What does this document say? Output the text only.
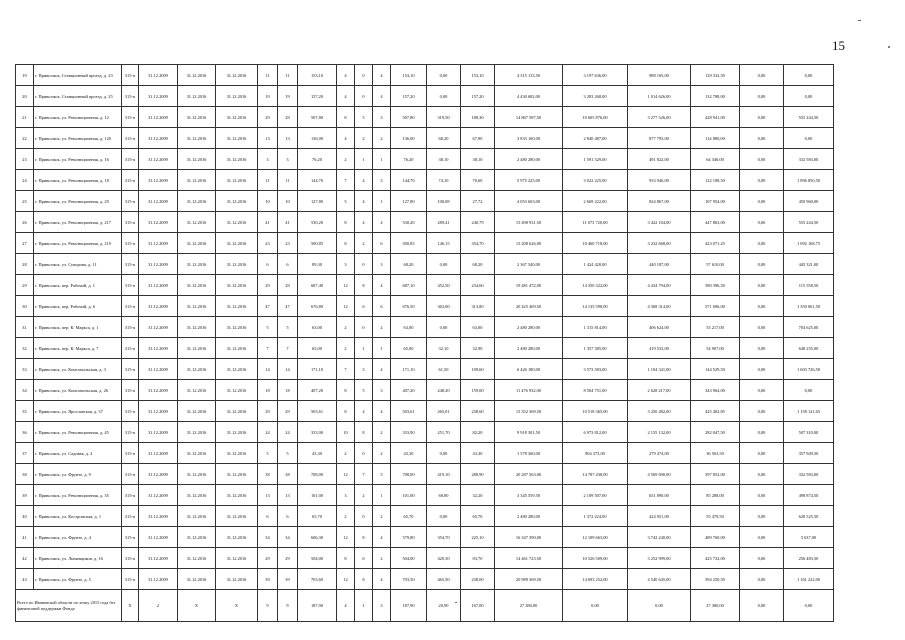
15
19	г. Приволжск, Станционный проезд, д. 23	315-п	31.12.2009	31.12.2016	31.12.2016	11	11	153,10	4	0	4	153,10	0,00	153,10	4 315 133,50	3 197 636,00	988 165,00	129 332,50	0,00	0,00
20	г. Приволжск, Станционный проезд, д. 25	315-п	31.12.2009	31.12.2016	31.12.2016	19	19	157,20	4	0	4	157,20	0,00	157,20	4 430 682,00	3 283 268,00	1 014 626,00	132 788,00	0,00	0,00
21	г. Приволжск, ул. Революционная, д. 12	315-п	31.12.2009	31.12.2016	31.12.2016	29	29	507,80	8	5	3	507,80	319,50	188,30	14 867 587,50	10 605 876,00	3 277 526,00	428 941,00	0,00	555 244,50
22	г. Приволжск, ул. Революционная, д. 120	315-п	31.12.2009	31.12.2016	31.12.2016	13	13	136,00	4	2	2	136,00	68,20	67,80	3 833 160,00	2 840 487,00	877 793,00	114 880,00	0,00	0,00
23	г. Приволжск, ул. Революционная, д. 16	315-п	31.12.2009	31.12.2016	31.12.2016	3	3	76,20	2	1	1	76,20	38,10	38,10	2 480 280,00	1 591 529,00	491 822,00	64 346,00	0,00	332 583,00
24	г. Приволжск, ул. Революционная, д. 18	315-п	31.12.2009	31.12.2016	31.12.2016	11	11	144,70	7	4	3	144,70	74,10	70,60	5 975 225,00	3 022 225,00	933 946,00	122 188,50	0,00	1 896 850,50
25	г. Приволжск, ул. Революционная, д. 29	315-п	31.12.2009	31.12.2016	31.12.2016	10	10	127,80	5	4	1	127,80	100,08	27,72	4 053 603,00	2 669 222,00	824 867,00	107 954,00	0,00	450 960,00
26	г. Приволжск, ул. Революционная, д. 217	315-п	31.12.2009	31.12.2016	31.12.2016	41	41	530,20	8	4	4	530,20	289,41	240,79	15 498 931,50	11 073 720,00	3 422 104,00	447 863,00	0,00	555 244,50
27	г. Приволжск, ул. Революционная, д. 219	315-п	31.12.2009	31.12.2016	31.12.2016	23	23	500,85	8	2	6	500,85	146,15	354,70	15 208 626,00	10 460 718,00	3 232 668,00	423 071,25	0,00	1 092 168,75
28	г. Приволжск, ул. Суворова, д. 11	315-п	31.12.2009	31.12.2016	31.12.2016	6	6	89,30	3	0	3	68,20	0,00	68,20	2 367 540,00	1 424 420,00	440 187,00	57 610,00	0,00	445 321,00
29	г. Приволжск, пер. Рабочий, д. 1	315-п	31.12.2009	31.12.2016	31.12.2016	29	29	687,40	12	8	4	687,10	452,50	234,60	19 481 472,00	14 350 322,00	4 434 794,00	580 396,50	0,00	115 558,50
30	г. Приволжск, пер. Рабочий, д. 6	315-п	31.12.2009	31.12.2016	31.12.2016	47	47	676,80	12	6	6	676,50	363,00	313,80	20 425 469,50	14 135 598,00	4 368 314,00	571 696,00	0,00	1 350 061,50
31	г. Приволжск, пер. К. Маркса, д. 1	315-п	31.12.2009	31.12.2016	31.12.2016	5	5	63,00	2	0	2	63,00	0,00	63,00	2 480 280,00	1 315 814,00	406 624,00	53 217,00	0,00	704 625,00
32	г. Приволжск, пер. К. Маркса, д. 7	315-п	31.12.2009	31.12.2016	31.12.2016	7	7	65,00	2	1	1	65,00	32,10	32,90	2 480 280,00	1 357 585,00	419 533,00	54 907,00	0,00	648 255,00
33	г. Приволжск, ул. Комсомольская, д. 3	315-п	31.12.2009	31.12.2016	31.12.2016	14	14	171,10	7	3	4	171,10	61,50	109,60	6 426 180,00	3 573 583,00	1 104 341,00	144 529,50	0,00	1 603 726,50
34	г. Приволжск, ул. Комсомольская, д. 26	315-п	31.12.2009	31.12.2016	31.12.2016	18	18	407,20	8	5	3	407,20	248,20	159,00	11 476 932,00	8 504 751,00	2 628 217,00	343 964,00	0,00	0,00
35	г. Приволжск, ул. Ярославская, д. 37	315-п	31.12.2009	31.12.2016	31.12.2016	29	29	503,61	8	4	4	503,61	265,01	238,60	15 352 369,50	10 518 365,00	3 250 482,00	425 402,85	0,00	1 158 121,65
36	г. Приволжск, ул. Революционная, д. 45	315-п	31.12.2009	31.12.2016	31.12.2016	24	24	333,90	10	8	2	333,90	251,70	82,20	9 918 301,50	6 973 812,00	2 155 132,00	282 047,50	0,00	507 310,00
37	г. Приволжск, ул. Садовая, д. 2	315-п	31.12.2009	31.12.2016	31.12.2016	5	5	43,30	2	0	2	43,30	0,00	43,30	1 578 360,00	904 373,00	279 474,00	36 563,50	0,00	357 949,50
38	г. Приволжск, ул. Фрунзе, д. 9	315-п	31.12.2009	31.12.2016	31.12.2016	38	38	708,00	12	7	5	708,00	419,10	288,90	20 287 563,00	14 787 438,00	4 569 690,00	597 852,00	0,00	332 583,00
39	г. Приволжск, ул. Революционная, д. 35	315-п	31.12.2009	31.12.2016	31.12.2016	13	13	101,00	3	2	1	101,00	68,80	32,20	3 345 559,50	2 109 507,00	651 890,00	85 288,00	0,00	498 874,50
40	г. Приволжск, ул. Костромская, д. 1	315-п	31.12.2009	31.12.2016	31.12.2016	6	6	65,70	2	0	2	65,70	0,00	65,70	2 480 280,00	1 372 224,00	424 051,00	55 479,50	0,00	628 525,50
41	г. Приволжск, ул. Фрунзе, д. 4	315-п	31.12.2009	31.12.2016	31.12.2016	34	34	606,30	12	8	4	579,80	354,70	225,10	16 347 390,00	12 109 663,00	3 742 240,00	489 760,00	0,00	5 637,00
42	г. Приволжск, ул. Льнянщиков, д. 16	315-п	31.12.2009	31.12.2016	31.12.2016	29	29	504,00	8	6	2	504,00	420,30	83,70	14 461 723,50	10 526 509,00	3 252 999,00	425 732,00	0,00	256 483,50
43	г. Приволжск, ул. Фрунзе, д. 5	315-п	31.12.2009	31.12.2016	31.12.2016	39	39	703,60	12	8	4	703,50	465,50	238,00	20 989 369,50	14 693 252,00	4 540 645,00	594 250,50	0,00	1 161 222,00
Всего по Ивановской области по этапу 2015 года без финансовой поддержки Фонда		X	2	X	X	9	9	187,90	4	1	3	187,90	20,90	167,00	27 380,00	0,00	0,00	27 380,00	0,00	0,00
